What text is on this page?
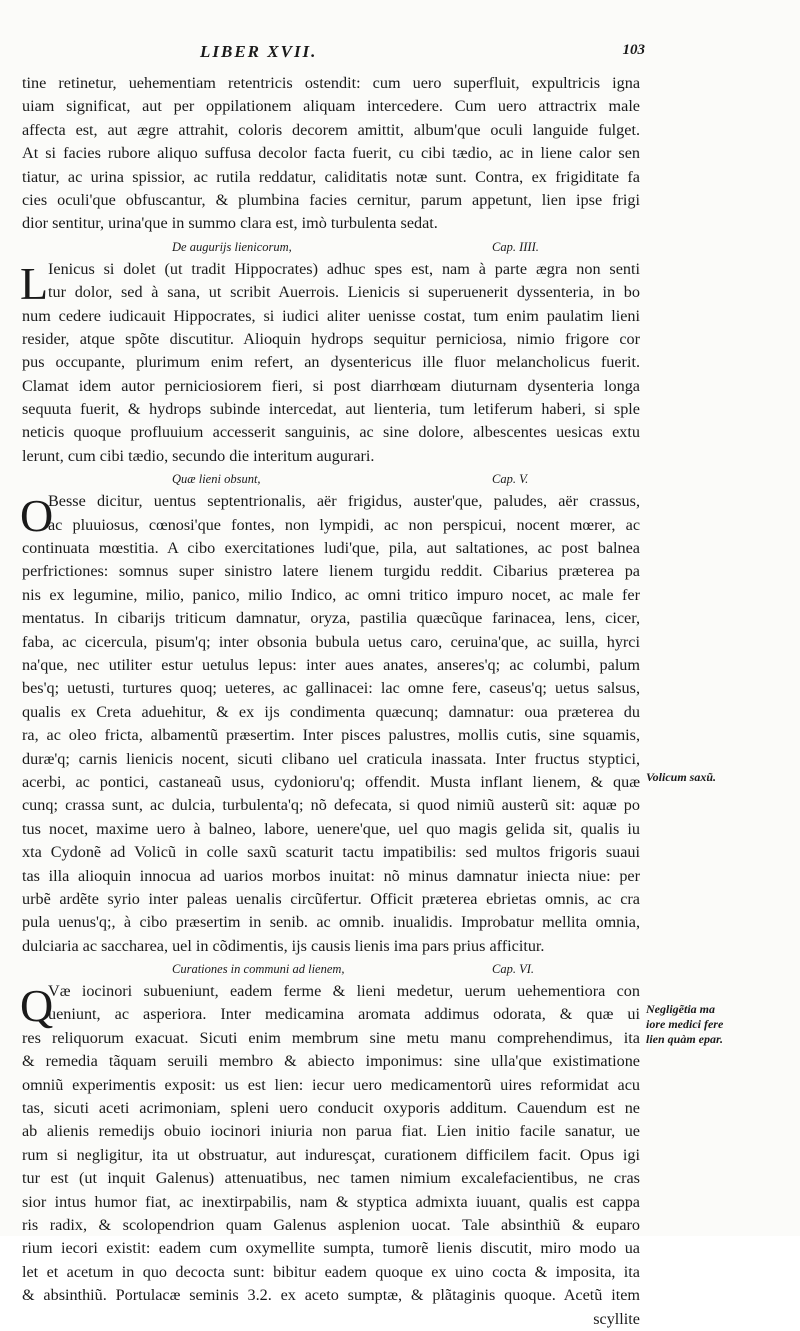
LIBER XVII.	103
tine retinetur, uehementiam retentricis ostendit: cum uero superfluit, expultricis igna
uiam significat, aut per oppilationem aliquam intercedere. Cum uero attractrix male
affecta est, aut ægre attrahit, coloris decorem amittit, album'que oculi languide fulget.
At si facies rubore aliquo suffusa decolor facta fuerit, cu cibi tædio, ac in liene calor sen
tiatur, ac urina spissior, ac rutila reddatur, caliditatis notæ sunt. Contra, ex frigiditate fa
cies oculi'que obfuscantur, & plumbina facies cernitur, parum appetunt, lien ipse frigi
dior sentitur, urina'que in summo clara est, imò turbulenta sedat.
De augurijs lienicorum,	Cap. IIII.
L Ienicus si dolet (ut tradit Hippocrates) adhuc spes est, nam à parte ægra non senti
tur dolor, sed à sana, ut scribit Auerrois. Lienicis si superuenerit dyssenteria, in bo
num cedere iudicauit Hippocrates, si iudici aliter uenisse costat, tum enim paulatim lieni
resider, atque spõte discutitur. Alioquin hydrops sequitur perniciosa, nimio frigore cor
pus occupante, plurimum enim refert, an dysentericus ille fluor melancholicus fuerit.
Clamat idem autor perniciosiorem fieri, si post diarrhœam diuturnam dysenteria longa
sequuta fuerit, & hydrops subinde intercedat, aut lienteria, tum letiferum haberi, si sple
neticis quoque profluuium accesserit sanguinis, ac sine dolore, albescentes uesicas extu
lerunt, cum cibi tædio, secundo die interitum augurari.
Quæ lieni obsunt,	Cap. V.
O
Besse dicitur, uentus septentrionalis, aër frigidus, auster'que, paludes, aër crassus,
ac pluuiosus, cœnosi'que fontes, non lympidi, ac non perspicui, nocent mœrer, ac
continuata mœstitia. A cibo exercitationes ludi'que, pila, aut saltationes, ac post balnea
perfrictiones: somnus super sinistro latere lienem turgidu reddit. Cibarius præterea pa
nis ex legumine, milio, panico, milio Indico, ac omni tritico impuro nocet, ac male fer
mentatus. In cibarijs triticum damnatur, oryza, pastilia quæcũque farinacea, lens, cicer,
faba, ac cicercula, pisum'q; inter obsonia bubula uetus caro, ceruina'que, ac suilla, hyrci
na'que, nec utiliter estur uetulus lepus: inter aues anates, anseres'q; ac columbi, palum
bes'q; uetusti, turtures quoq; ueteres, ac gallinacei: lac omne fere, caseus'q; uetus salsus,
qualis ex Creta aduehitur, & ex ijs condimenta quæcunq; damnatur: oua præterea du
ra, ac oleo fricta, albamentũ præsertim. Inter pisces palustres, mollis cutis, sine squamis,
duræ'q; carnis lienicis nocent, sicuti clibano uel craticula inassata. Inter fructus styptici,
acerbi, ac pontici, castaneaũ usus, cydonioru'q; offendit. Musta inflant lienem, & quæ
cunq; crassa sunt, ac dulcia, turbulenta'q; nõ defecata, si quod nimiũ austerũ sit: aquæ po
tus nocet, maxime uero à balneo, labore, uenere'que, uel quo magis gelida sit, qualis iu
xta Cydonẽ ad Volicũ in colle saxũ scaturit tactu impatibilis: sed multos frigoris suaui
tas illa alioquin innocua ad uarios morbos inuitat: nõ minus damnatur iniecta niue: per
urbẽ ardẽte syrio inter paleas uenalis circũfertur. Officit præterea ebrietas omnis, ac cra
pula uenus'q;, à cibo præsertim in senib. ac omnib. inualidis. Improbatur mellita omnia,
dulciaria ac saccharea, uel in cõdimentis, ijs causis lienis ima pars prius afficitur.
Curationes in communi ad lienem,	Cap. VI.
Q
Væ iocinori subueniunt, eadem ferme & lieni medetur, uerum uehementiora con
ueniunt, ac asperiora. Inter medicamina aromata addimus odorata, & quæ ui
res reliquorum exacuat. Sicuti enim membrum sine metu manu comprehendimus, ita
& remedia tãquam seruili membro & abiecto imponimus: sine ulla'que existimatione
omniũ experimentis exposit: us est lien: iecur uero medicamentorũ uires reformidat acu
tas, sicuti aceti acrimoniam, spleni uero conducit oxyporis additum. Cauendum est ne
ab alienis remedijs obuio iocinori iniuria non parua fiat. Lien initio facile sanatur, ue
rum si negligitur, ita ut obstruatur, aut induresçat, curationem difficilem facit. Opus igi
tur est (ut inquit Galenus) attenuatibus, nec tamen nimium excalefacientibus, ne cras
sior intus humor fiat, ac inextirpabilis, nam & styptica admixta iuuant, qualis est cappa
ris radix, & scolopendrion quam Galenus asplenion uocat. Tale absinthiũ & euparo
rium iecori existit: eadem cum oxymellite sumpta, tumorẽ lienis discutit, miro modo ua
let et acetum in quo decocta sunt: bibitur eadem quoque ex uino cocta & imposita, ita
& absinthiũ. Portulacæ seminis 3.2. ex aceto sumptæ, & plãtaginis quoque. Acetũ item
scyllite
Volicum saxũ.
Negligẽtia ma
iore medici fere
lien quàm epar.
